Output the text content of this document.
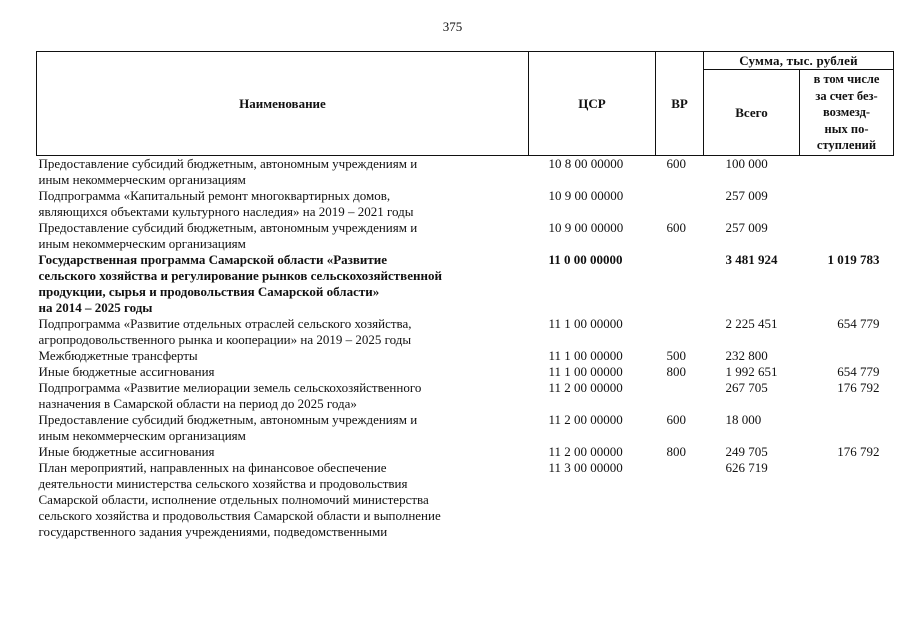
375
Наименование	ЦСР	ВР	Сумма, тыс. рублей	
			Всего	в том числе
за счет без-
возмезд-
ных по-
ступлений
Предоставление субсидий бюджетным, автономным учреждениям и
иным некоммерческим организациям	10 8 00 00000	600	100 000	
Подпрограмма «Капитальный ремонт многоквартирных домов,
являющихся объектами культурного наследия» на 2019 – 2021 годы	10 9 00 00000		257 009	
Предоставление субсидий бюджетным, автономным учреждениям и
иным некоммерческим организациям	10 9 00 00000	600	257 009	
Государственная программа Самарской области «Развитие
сельского хозяйства и регулирование рынков сельскохозяйственной
продукции, сырья и продовольствия Самарской области»
на 2014 – 2025 годы	11 0 00 00000		3 481 924	1 019 783
Подпрограмма «Развитие отдельных отраслей сельского хозяйства,
агропродовольственного рынка и кооперации» на 2019 – 2025 годы	11 1 00 00000		2 225 451	654 779
Межбюджетные трансферты	11 1 00 00000	500	232 800	
Иные бюджетные ассигнования	11 1 00 00000	800	1 992 651	654 779
Подпрограмма «Развитие мелиорации земель сельскохозяйственного
назначения в Самарской области на период до 2025 года»	11 2 00 00000		267 705	176 792
Предоставление субсидий бюджетным, автономным учреждениям и
иным некоммерческим организациям	11 2 00 00000	600	18 000	
Иные бюджетные ассигнования	11 2 00 00000	800	249 705	176 792
План мероприятий, направленных на финансовое обеспечение
деятельности министерства сельского хозяйства и продовольствия
Самарской области, исполнение отдельных полномочий министерства
сельского хозяйства и продовольствия Самарской области и выполнение
государственного задания учреждениями, подведомственными	11 3 00 00000		626 719	
